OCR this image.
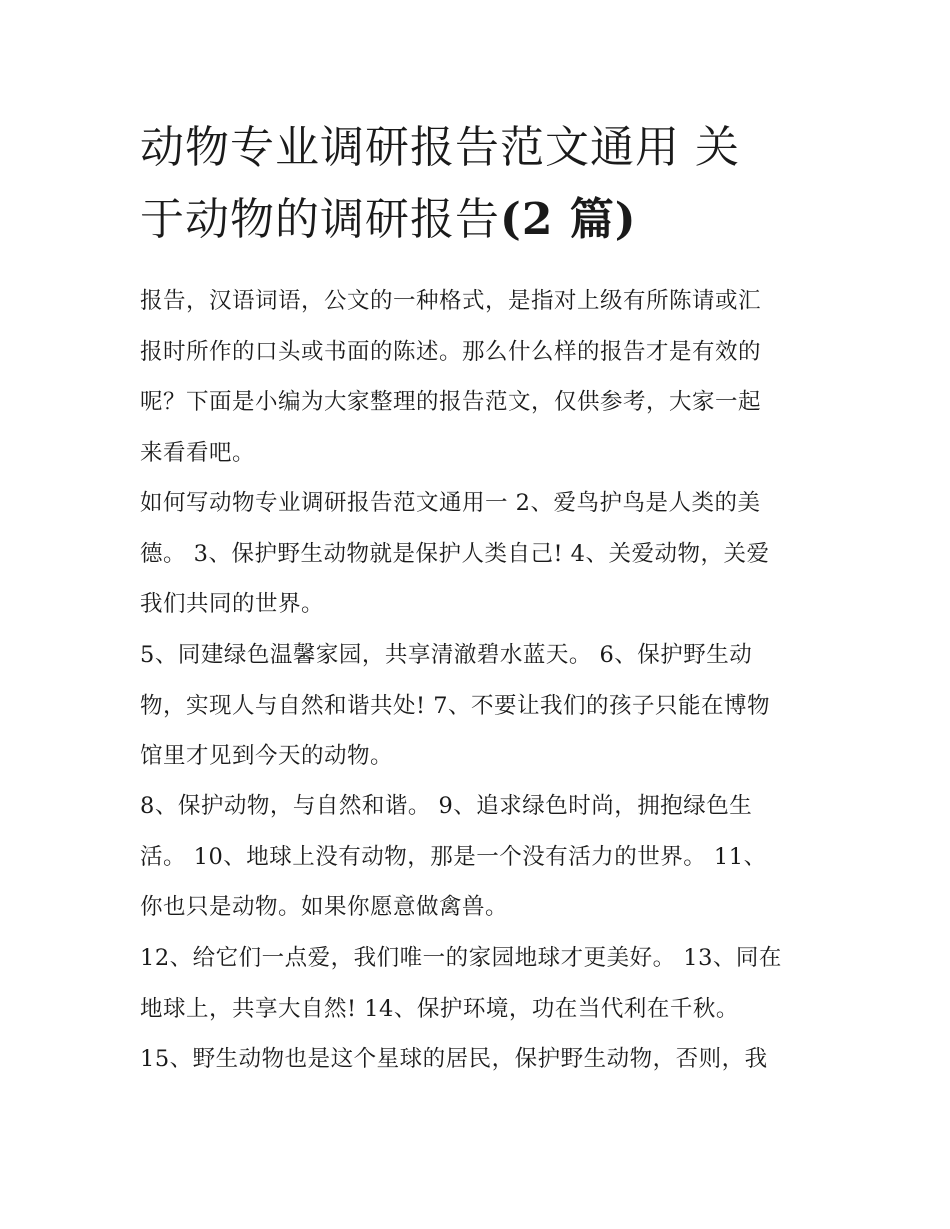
动物专业调研报告范文通用 关
于动物的调研报告(2 篇)

报告，汉语词语，公文的一种格式，是指对上级有所陈请或汇
报时所作的口头或书面的陈述。那么什么样的报告才是有效的
呢？下面是小编为大家整理的报告范文，仅供参考，大家一起
来看看吧。

如何写动物专业调研报告范文通用一 2、爱鸟护鸟是人类的美
德。 3、保护野生动物就是保护人类自己! 4、关爱动物，关爱
我们共同的世界。

5、同建绿色温馨家园，共享清澈碧水蓝天。 6、保护野生动
物，实现人与自然和谐共处! 7、不要让我们的孩子只能在博物
馆里才见到今天的动物。

8、保护动物，与自然和谐。 9、追求绿色时尚，拥抱绿色生
活。 10、地球上没有动物，那是一个没有活力的世界。 11、
你也只是动物。如果你愿意做禽兽。

12、给它们一点爱，我们唯一的家园地球才更美好。 13、同在
地球上，共享大自然! 14、保护环境，功在当代利在千秋。

15、野生动物也是这个星球的居民，保护野生动物，否则，我
